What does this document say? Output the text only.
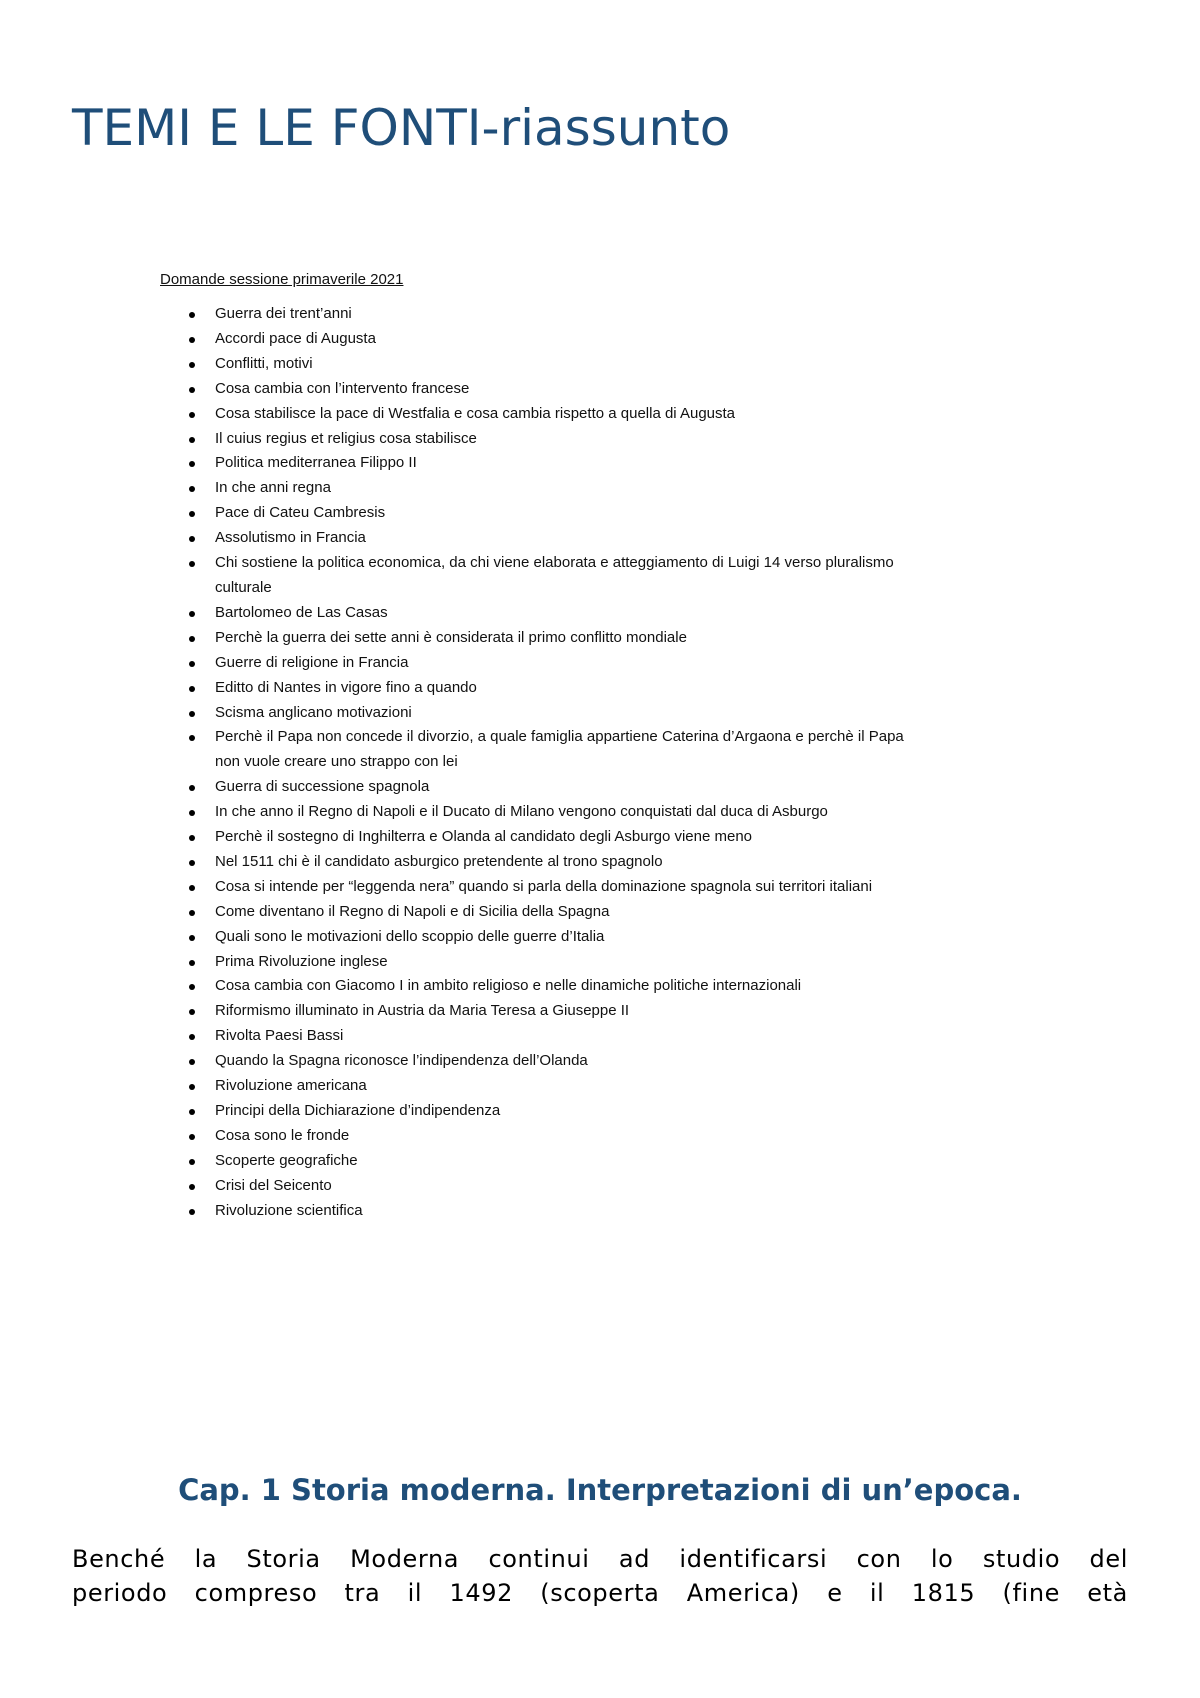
TEMI E LE FONTI-riassunto
Domande sessione primaverile 2021
Guerra dei trent’anni
Accordi pace di Augusta
Conflitti, motivi
Cosa cambia con l’intervento francese
Cosa stabilisce la pace di Westfalia e cosa cambia rispetto a quella di Augusta
Il cuius regius et religius cosa stabilisce
Politica mediterranea Filippo II
In che anni regna
Pace di Cateu Cambresis
Assolutismo in Francia
Chi sostiene la politica economica, da chi viene elaborata e atteggiamento di Luigi 14 verso pluralismo culturale
Bartolomeo de Las Casas
Perchè la guerra dei sette anni è considerata il primo conflitto mondiale
Guerre di religione in Francia
Editto di Nantes in vigore fino a quando
Scisma anglicano motivazioni
Perchè il Papa non concede il divorzio, a quale famiglia appartiene Caterina d’Argaona e perchè il Papa non vuole creare uno strappo con lei
Guerra di successione spagnola
In che anno il Regno di Napoli e il Ducato di Milano vengono conquistati dal duca di Asburgo
Perchè il sostegno di Inghilterra e Olanda al candidato degli Asburgo viene meno
Nel 1511 chi è il candidato asburgico pretendente al trono spagnolo
Cosa si intende per “leggenda nera” quando si parla della dominazione spagnola sui territori italiani
Come diventano il Regno di Napoli e di Sicilia della Spagna
Quali sono le motivazioni dello scoppio delle guerre d’Italia
Prima Rivoluzione inglese
Cosa cambia con Giacomo I in ambito religioso e nelle dinamiche politiche internazionali
Riformismo illuminato in Austria da Maria Teresa a Giuseppe II
Rivolta Paesi Bassi
Quando la Spagna riconosce l’indipendenza dell’Olanda
Rivoluzione americana
Principi della Dichiarazione d’indipendenza
Cosa sono le fronde
Scoperte geografiche
Crisi del Seicento
Rivoluzione scientifica
Cap. 1 Storia moderna. Interpretazioni di un’epoca.

Benché la Storia Moderna continui ad identificarsi con lo studio del
periodo compreso tra il 1492 (scoperta America) e il 1815 (fine età
